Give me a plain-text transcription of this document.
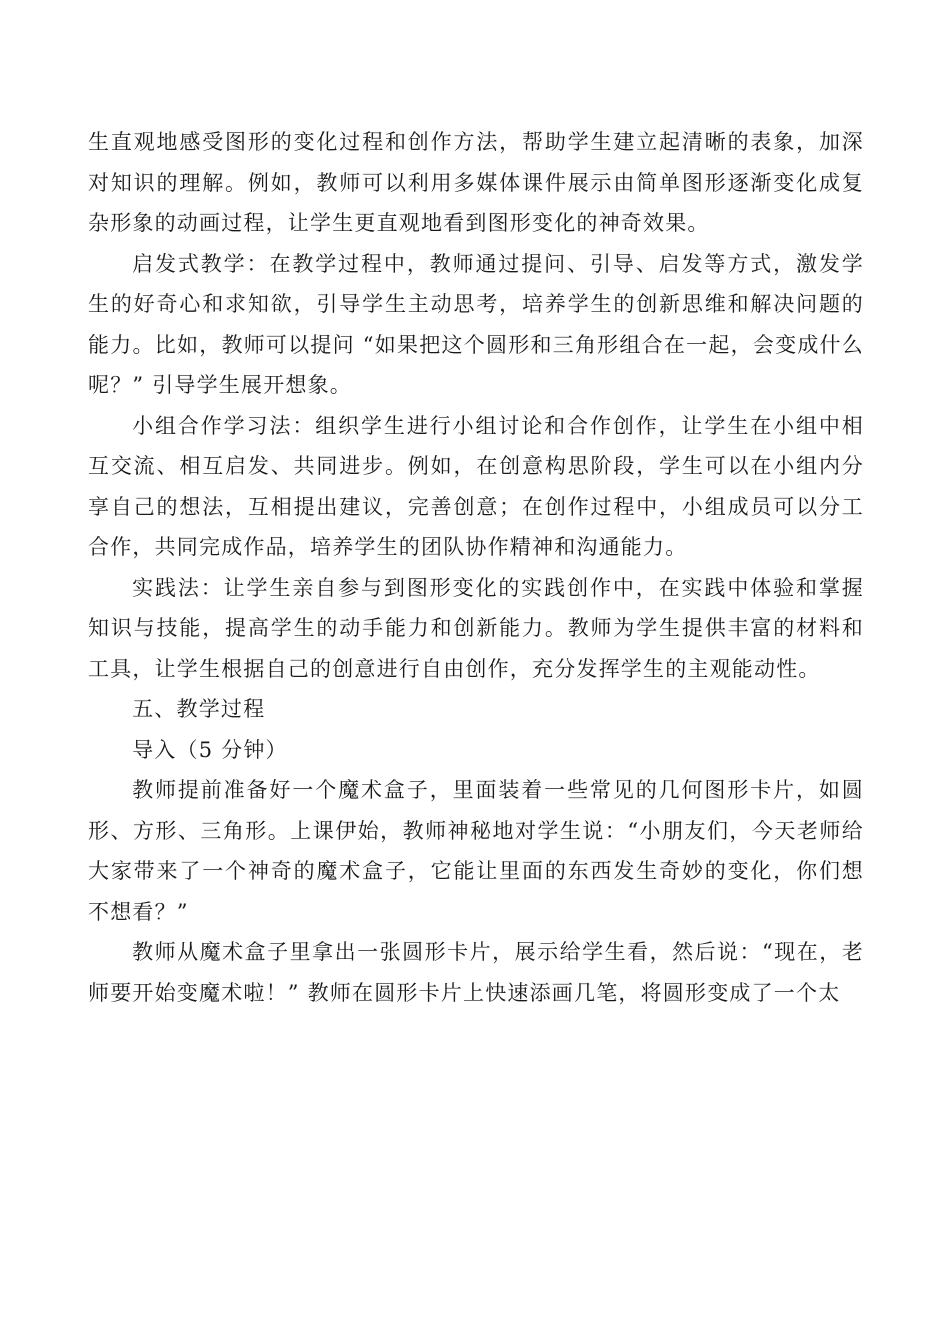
生直观地感受图形的变化过程和创作方法，帮助学生建立起清晰的表象，加深对知识的理解。例如，教师可以利用多媒体课件展示由简单图形逐渐变化成复杂形象的动画过程，让学生更直观地看到图形变化的神奇效果。

启发式教学：在教学过程中，教师通过提问、引导、启发等方式，激发学生的好奇心和求知欲，引导学生主动思考，培养学生的创新思维和解决问题的能力。比如，教师可以提问 “如果把这个圆形和三角形组合在一起，会变成什么呢？” 引导学生展开想象。

小组合作学习法：组织学生进行小组讨论和合作创作，让学生在小组中相互交流、相互启发、共同进步。例如，在创意构思阶段，学生可以在小组内分享自己的想法，互相提出建议，完善创意；在创作过程中，小组成员可以分工合作，共同完成作品，培养学生的团队协作精神和沟通能力。

实践法：让学生亲自参与到图形变化的实践创作中，在实践中体验和掌握知识与技能，提高学生的动手能力和创新能力。教师为学生提供丰富的材料和工具，让学生根据自己的创意进行自由创作，充分发挥学生的主观能动性。

五、教学过程

导入（5 分钟）

教师提前准备好一个魔术盒子，里面装着一些常见的几何图形卡片，如圆形、方形、三角形。上课伊始，教师神秘地对学生说：“小朋友们，今天老师给大家带来了一个神奇的魔术盒子，它能让里面的东西发生奇妙的变化，你们想不想看？”

教师从魔术盒子里拿出一张圆形卡片，展示给学生看，然后说：“现在，老师要开始变魔术啦！” 教师在圆形卡片上快速添画几笔，将圆形变成了一个太
